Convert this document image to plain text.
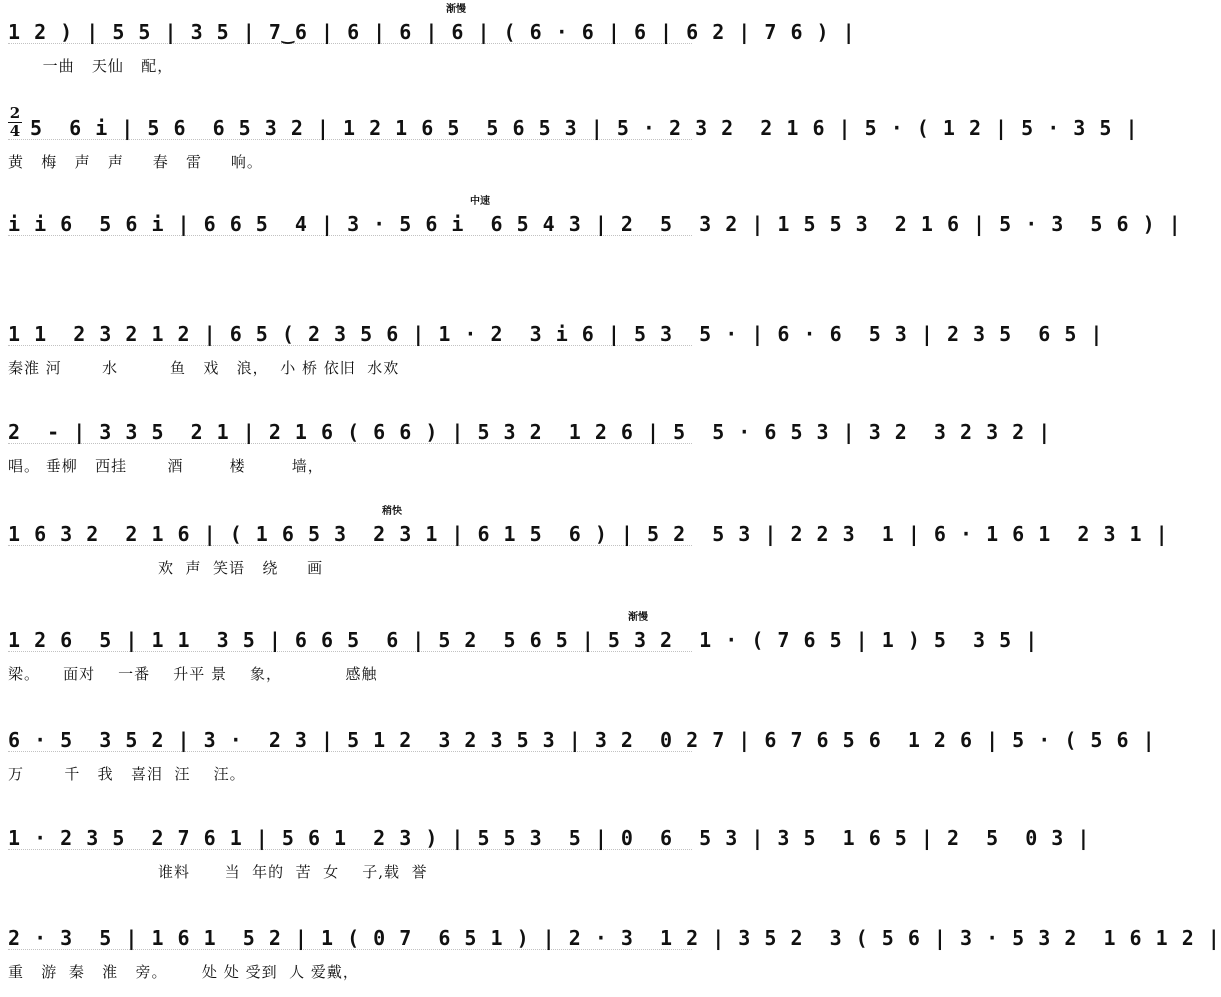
1 2 ) | 5 5 | 3 5 | 7‿6 | 6 | 6 | 6 | ( 6 · 6 | 6 | 6 2 | 7 6 ) |
一曲   天仙   配，
渐慢
2
4 5  6 i | 5 6  6 5 3 2 | 1 2 1 6 5  5 6 5 3 | 5 · 2 3 2  2 1 6 | 5 · ( 1 2 | 5 · 3 5 |
黄   梅   声   声     春   雷     响。
i i 6  5 6 i | 6 6 5  4 | 3 · 5 6 i  6 5 4 3 | 2  5  3 2 | 1 5 5 3  2 1 6 | 5 · 3  5 6 ) |
中速
1 1  2 3 2 1 2 | 6 5 ( 2 3 5 6 | 1 · 2  3 i 6 | 5 3  5 · | 6 · 6  5 3 | 2 3 5  6 5 |
秦淮 河       水         鱼   戏   浪，  小 桥 依旧  水欢
2  - | 3 3 5  2 1 | 2 1 6 ( 6 6 ) | 5 3 2  1 2 6 | 5  5 · 6 5 3 | 3 2  3 2 3 2 |
唱。 垂柳   西挂       酒        楼        墙，
1 6 3 2  2 1 6 | ( 1 6 5 3  2 3 1 | 6 1 5  6 ) | 5 2  5 3 | 2 2 3  1 | 6 · 1 6 1  2 3 1 |
欢  声  笑语   绕     画
稍快
1 2 6  5 | 1 1  3 5 | 6 6 5  6 | 5 2  5 6 5 | 5 3 2  1 · ( 7 6 5 | 1 ) 5  3 5 |
梁。    面对    一番    升平 景    象，           感触
渐慢
6 · 5  3 5 2 | 3 ·  2 3 | 5 1 2  3 2 3 5 3 | 3 2  0 2 7 | 6 7 6 5 6  1 2 6 | 5 · ( 5 6 |
万       千   我   喜泪  汪    汪。
1 · 2 3 5  2 7 6 1 | 5 6 1  2 3 ) | 5 5 3  5 | 0  6  5 3 | 3 5  1 6 5 | 2  5  0 3 |
谁料      当  年的  苦  女    子,载  誉
2 · 3  5 | 1 6 1  5 2 | 1 ( 0 7  6 5 1 ) | 2 · 3  1 2 | 3 5 2  3 ( 5 6 | 3 · 5 3 2  1 6 1 2 |
重   游  秦   淮   旁。      处 处 受到  人 爱戴，
